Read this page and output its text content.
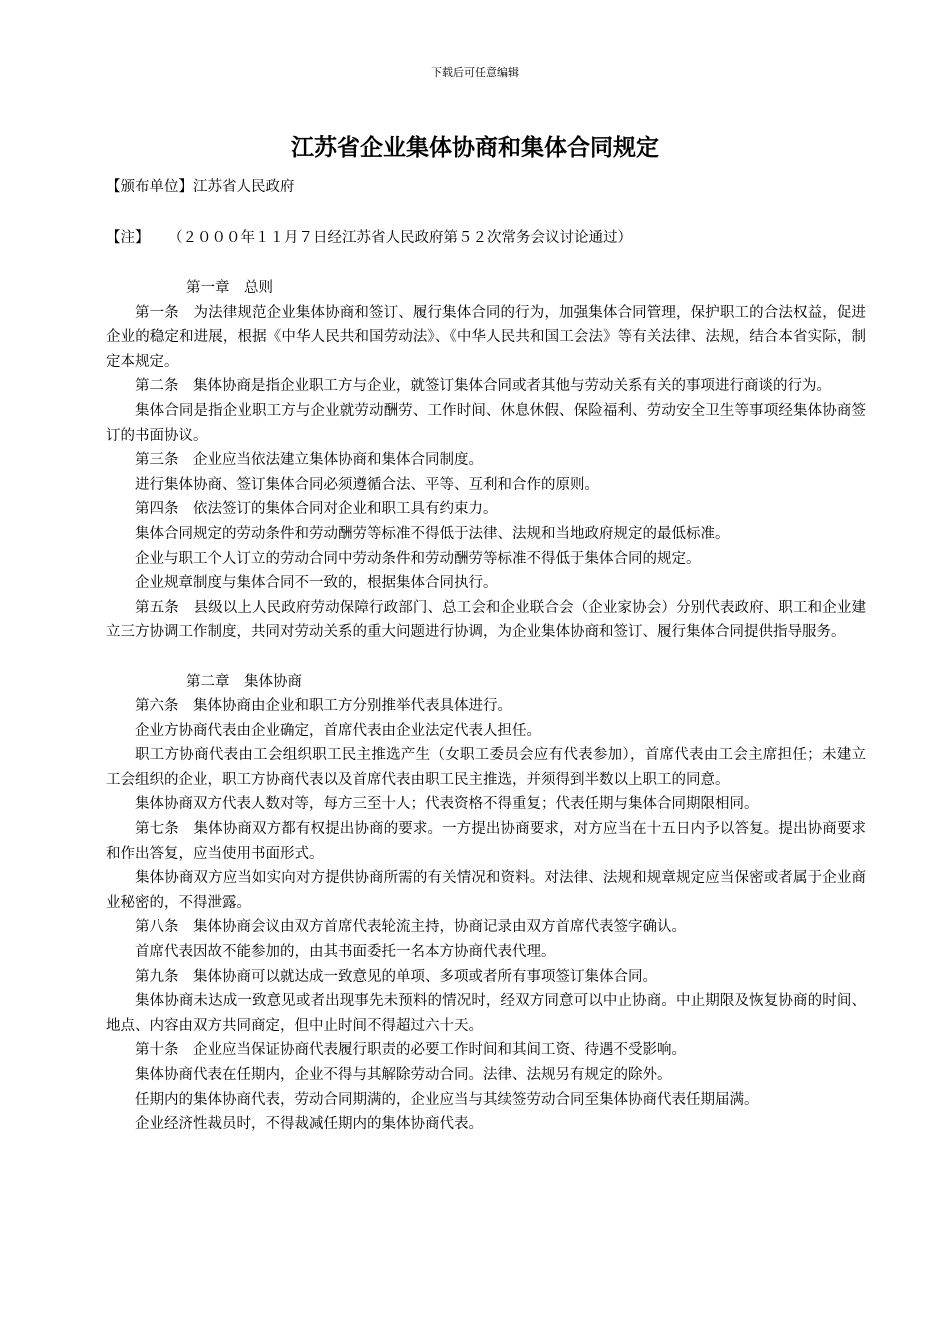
下载后可任意编辑
江苏省企业集体协商和集体合同规定
【颁布单位】江苏省人民政府
【注】 （２０００年１１月７日经江苏省人民政府第５２次常务会议讨论通过）

第一章　总则

第一条　为法律规范企业集体协商和签订、履行集体合同的行为，加强集体合同管理，保护职工的合法权益，促进企业的稳定和进展，根据《中华人民共和国劳动法》、《中华人民共和国工会法》等有关法律、法规，结合本省实际，制定本规定。

第二条　集体协商是指企业职工方与企业，就签订集体合同或者其他与劳动关系有关的事项进行商谈的行为。

集体合同是指企业职工方与企业就劳动酬劳、工作时间、休息休假、保险福利、劳动安全卫生等事项经集体协商签订的书面协议。

第三条　企业应当依法建立集体协商和集体合同制度。

进行集体协商、签订集体合同必须遵循合法、平等、互利和合作的原则。

第四条　依法签订的集体合同对企业和职工具有约束力。

集体合同规定的劳动条件和劳动酬劳等标准不得低于法律、法规和当地政府规定的最低标准。

企业与职工个人订立的劳动合同中劳动条件和劳动酬劳等标准不得低于集体合同的规定。

企业规章制度与集体合同不一致的，根据集体合同执行。

第五条　县级以上人民政府劳动保障行政部门、总工会和企业联合会（企业家协会）分别代表政府、职工和企业建立三方协调工作制度，共同对劳动关系的重大问题进行协调，为企业集体协商和签订、履行集体合同提供指导服务。

第二章　集体协商

第六条　集体协商由企业和职工方分别推举代表具体进行。

企业方协商代表由企业确定，首席代表由企业法定代表人担任。

职工方协商代表由工会组织职工民主推选产生（女职工委员会应有代表参加），首席代表由工会主席担任；未建立工会组织的企业，职工方协商代表以及首席代表由职工民主推选，并须得到半数以上职工的同意。

集体协商双方代表人数对等，每方三至十人；代表资格不得重复；代表任期与集体合同期限相同。

第七条　集体协商双方都有权提出协商的要求。一方提出协商要求，对方应当在十五日内予以答复。提出协商要求和作出答复，应当使用书面形式。

集体协商双方应当如实向对方提供协商所需的有关情况和资料。对法律、法规和规章规定应当保密或者属于企业商业秘密的，不得泄露。

第八条　集体协商会议由双方首席代表轮流主持，协商记录由双方首席代表签字确认。

首席代表因故不能参加的，由其书面委托一名本方协商代表代理。

第九条　集体协商可以就达成一致意见的单项、多项或者所有事项签订集体合同。

集体协商未达成一致意见或者出现事先未预料的情况时，经双方同意可以中止协商。中止期限及恢复协商的时间、地点、内容由双方共同商定，但中止时间不得超过六十天。

第十条　企业应当保证协商代表履行职责的必要工作时间和其间工资、待遇不受影响。

集体协商代表在任期内，企业不得与其解除劳动合同。法律、法规另有规定的除外。

任期内的集体协商代表，劳动合同期满的，企业应当与其续签劳动合同至集体协商代表任期届满。

企业经济性裁员时，不得裁减任期内的集体协商代表。
